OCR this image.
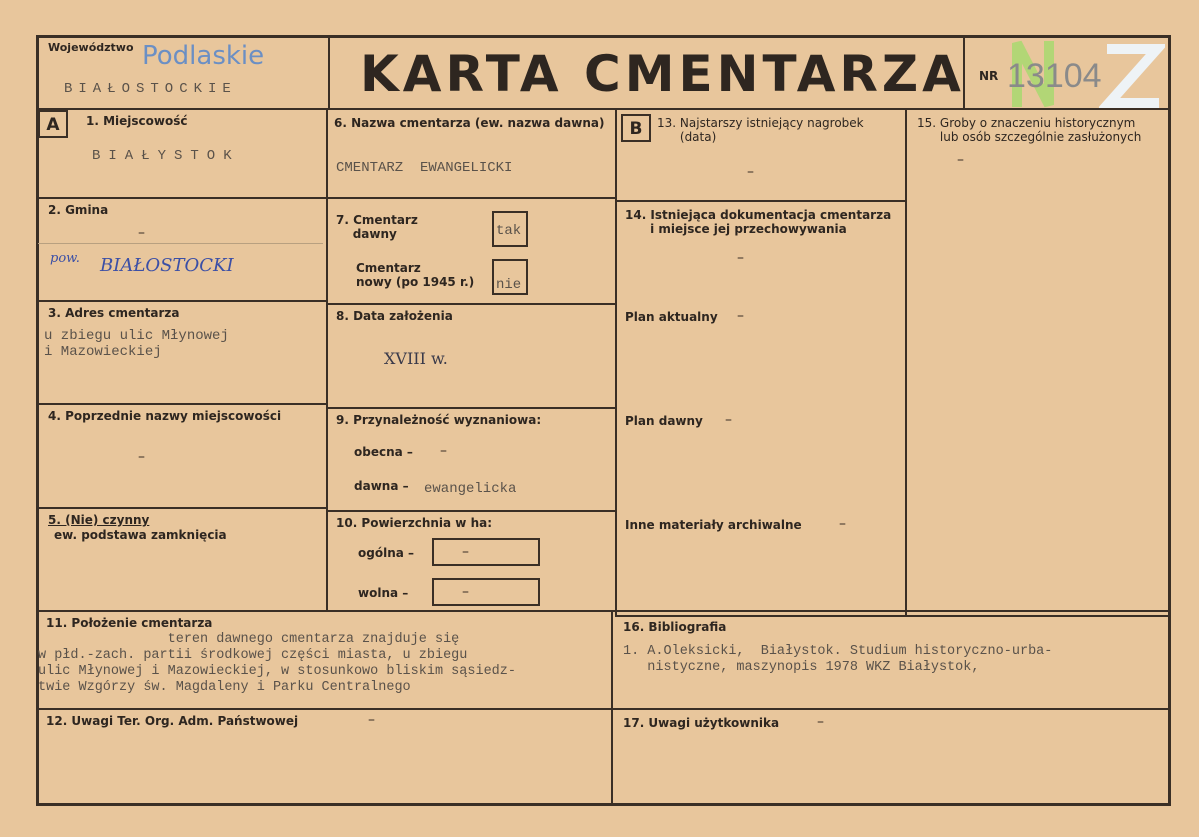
Województwo Podlaskie
BIAŁOSTOCKIE KARTA CMENTARZA NR 13104
A	1. Miejscowość
BIAŁYSTOK
2. Gmina
–
pow. BIAŁOSTOCKI
3. Adres cmentarza
u zbiegu ulic Młynowej
i Mazowieckiej
4. Poprzednie nazwy miejscowości
–
5. (Nie) czynny
ew. podstawa zamknięcia
6. Nazwa cmentarza (ew. nazwa dawna)
CMENTARZ  EWANGELICKI
7. Cmentarz
dawny	tak
Cmentarz
nowy (po 1945 r.) nie
8. Data założenia
XVIII w.
9. Przynależność wyznaniowa:
obecna – –
dawna – ewangelicka
10. Powierzchnia w ha:
ogólna –	–
wolna –	–
B	13. Najstarszy istniejący nagrobek
(data)
–
14. Istniejąca dokumentacja cmentarza
i miejsce jej przechowywania
–
Plan aktualny –
Plan dawny –
Inne materiały archiwalne	–
15. Groby o znaczeniu historycznym
lub osób szczególnie zasłużonych
–
11. Położenie cmentarza
teren dawnego cmentarza znajduje się
w płd.-zach. partii środkowej części miasta, u zbiegu
ulic Młynowej i Mazowieckiej, w stosunkowo bliskim sąsiedz-
twie Wzgórzy św. Magdaleny i Parku Centralnego
16. Bibliografia
1. A.Oleksicki,  Białystok. Studium historyczno-urba-
nistyczne, maszynopis 1978 WKZ Białystok,
12. Uwagi Ter. Org. Adm. Państwowej	–	17. Uwagi użytkownika	–
